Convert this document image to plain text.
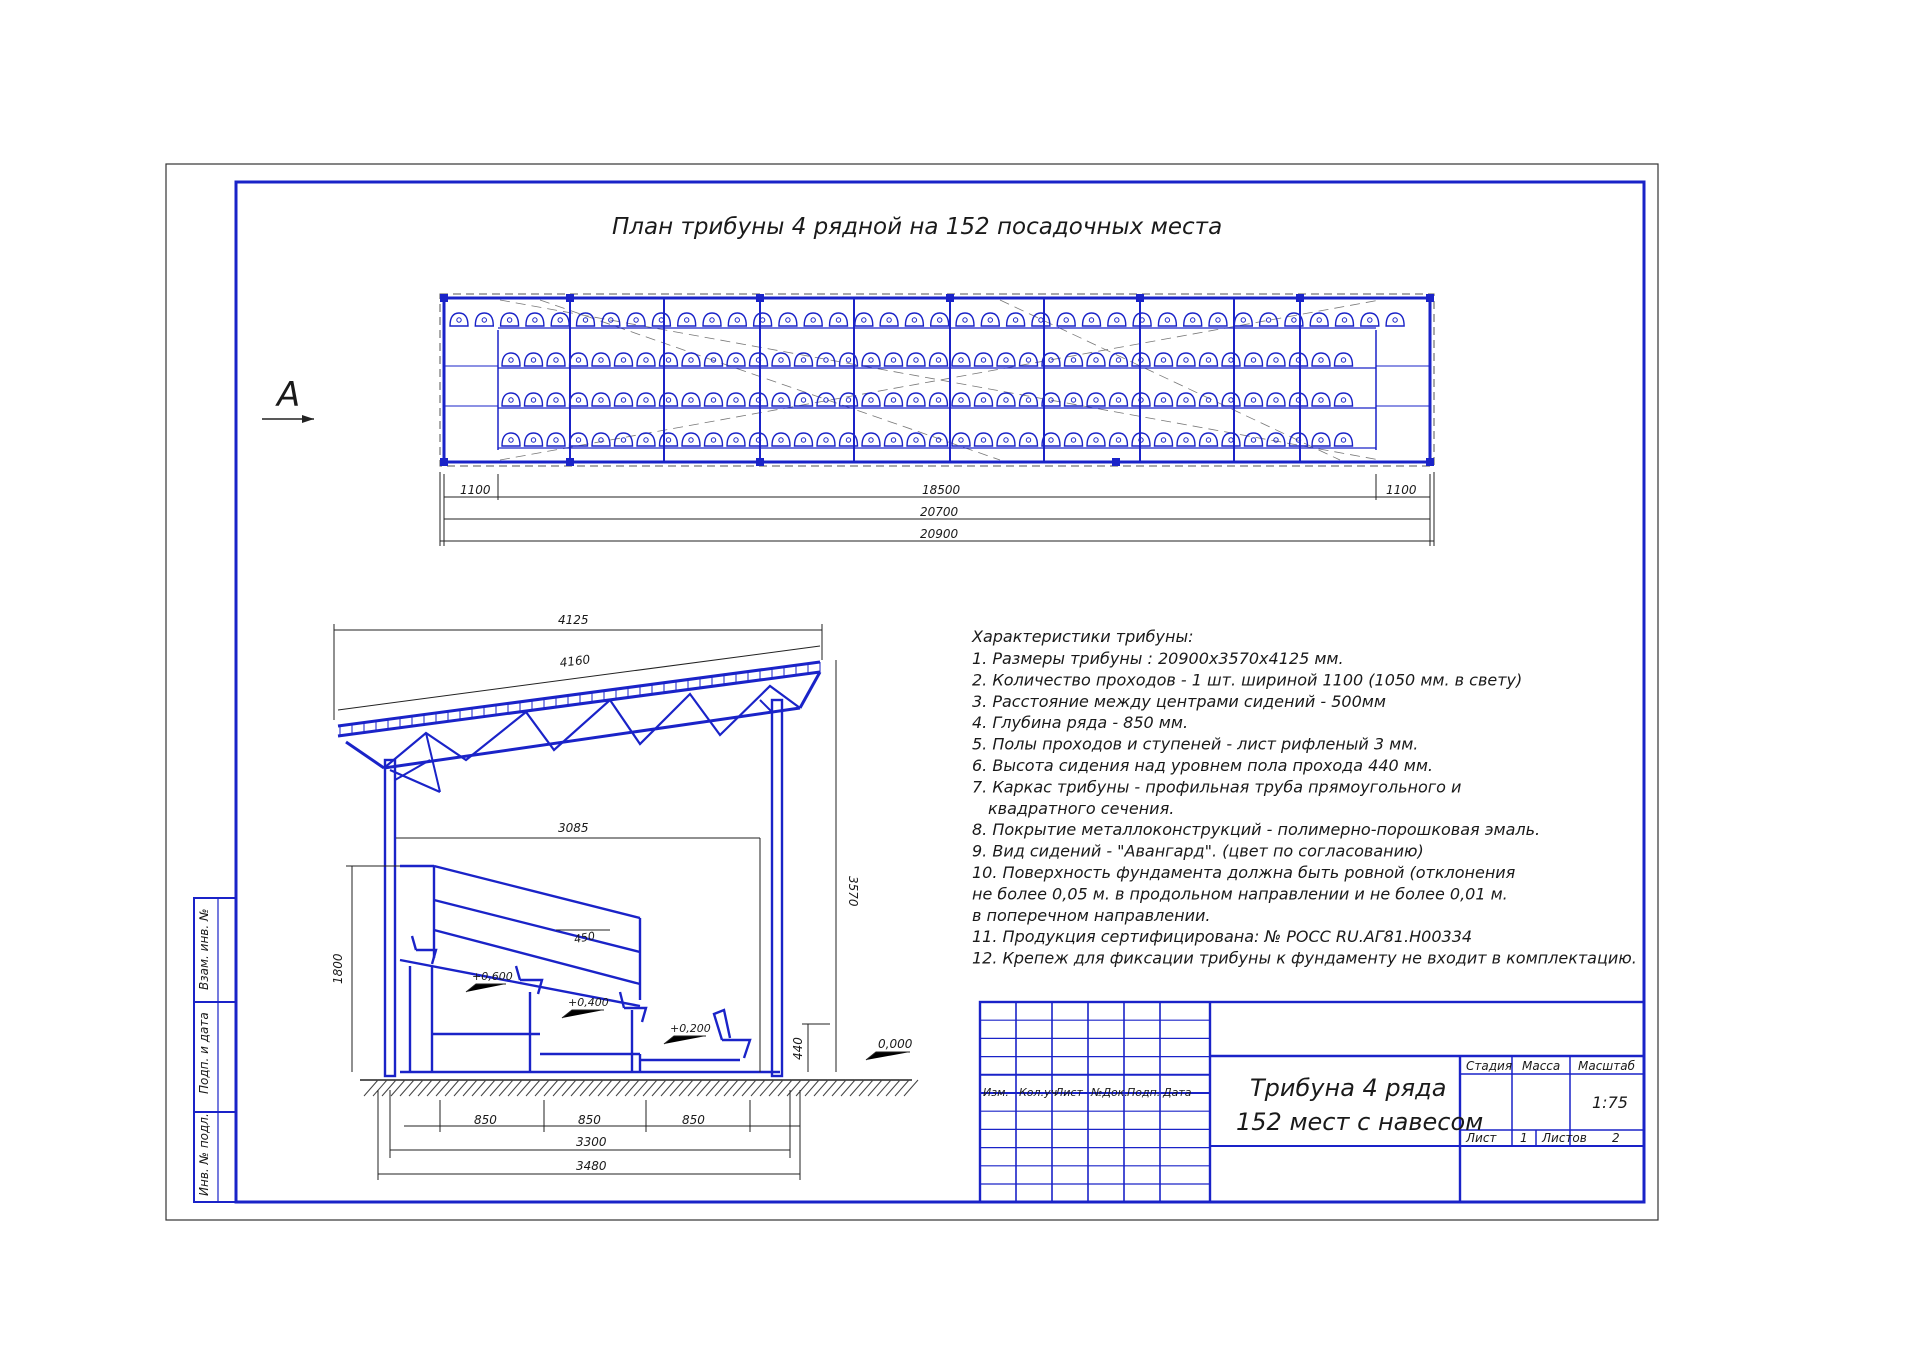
Взам. инв. №
Подп. и дата
Инв. № подл.
План трибуны 4 рядной на 152 посадочных места
A
1100	18500	1100
20700
20900
4125
4160
3085
3570
1800
450
440
850	850	850
3300
3480
+0,600
+0,400
+0,200
0,000
Характеристики трибуны:
1. Размеры трибуны : 20900x3570x4125 мм.
2. Количество проходов - 1 шт. шириной 1100 (1050 мм. в свету)
3. Расстояние между центрами сидений - 500мм
4. Глубина ряда - 850 мм.
5. Полы проходов и ступеней - лист рифленый 3 мм.
6. Высота сидения над уровнем пола прохода 440 мм.
7. Каркас трибуны - профильная труба прямоугольного и
квадратного сечения.
8. Покрытие металлоконструкций - полимерно-порошковая эмаль.
9. Вид сидений - "Авангард". (цвет по согласованию)
10. Поверхность фундамента должна быть ровной (отклонения
не более 0,05 м. в продольном направлении и не более 0,01 м.
в поперечном направлении.
11. Продукция сертифицирована: № РОСС RU.AГ81.H00334
12. Крепеж для фиксации трибуны к фундаменту не входит в комплектацию.
Трибуна 4 ряда
152 мест с навесом
Стадия Масса Масштаб
1:75
Лист 1 Листов 2
Изм. Кол.уч
Лист №Док. Подп. Дата
